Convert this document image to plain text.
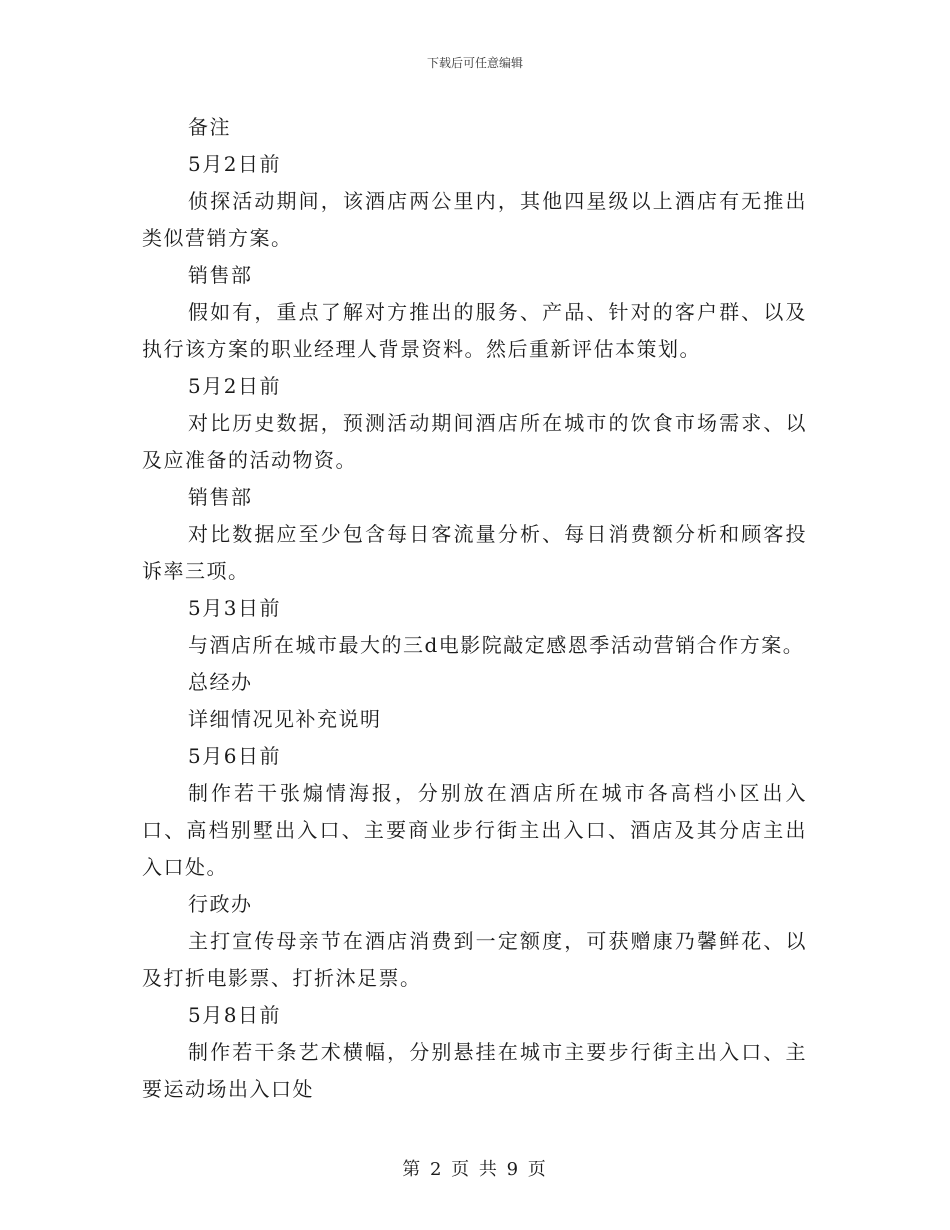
下载后可任意编辑

备注

5月2日前

侦探活动期间，该酒店两公里内，其他四星级以上酒店有无推出类似营销方案。

销售部

假如有，重点了解对方推出的服务、产品、针对的客户群、以及执行该方案的职业经理人背景资料。然后重新评估本策划。

5月2日前

对比历史数据，预测活动期间酒店所在城市的饮食市场需求、以及应准备的活动物资。

销售部

对比数据应至少包含每日客流量分析、每日消费额分析和顾客投诉率三项。

5月3日前

与酒店所在城市最大的三d电影院敲定感恩季活动营销合作方案。

总经办

详细情况见补充说明

5月6日前

制作若干张煽情海报，分别放在酒店所在城市各高档小区出入口、高档别墅出入口、主要商业步行街主出入口、酒店及其分店主出入口处。

行政办

主打宣传母亲节在酒店消费到一定额度，可获赠康乃馨鲜花、以及打折电影票、打折沐足票。

5月8日前

制作若干条艺术横幅，分别悬挂在城市主要步行街主出入口、主要运动场出入口处

第 2 页 共 9 页
